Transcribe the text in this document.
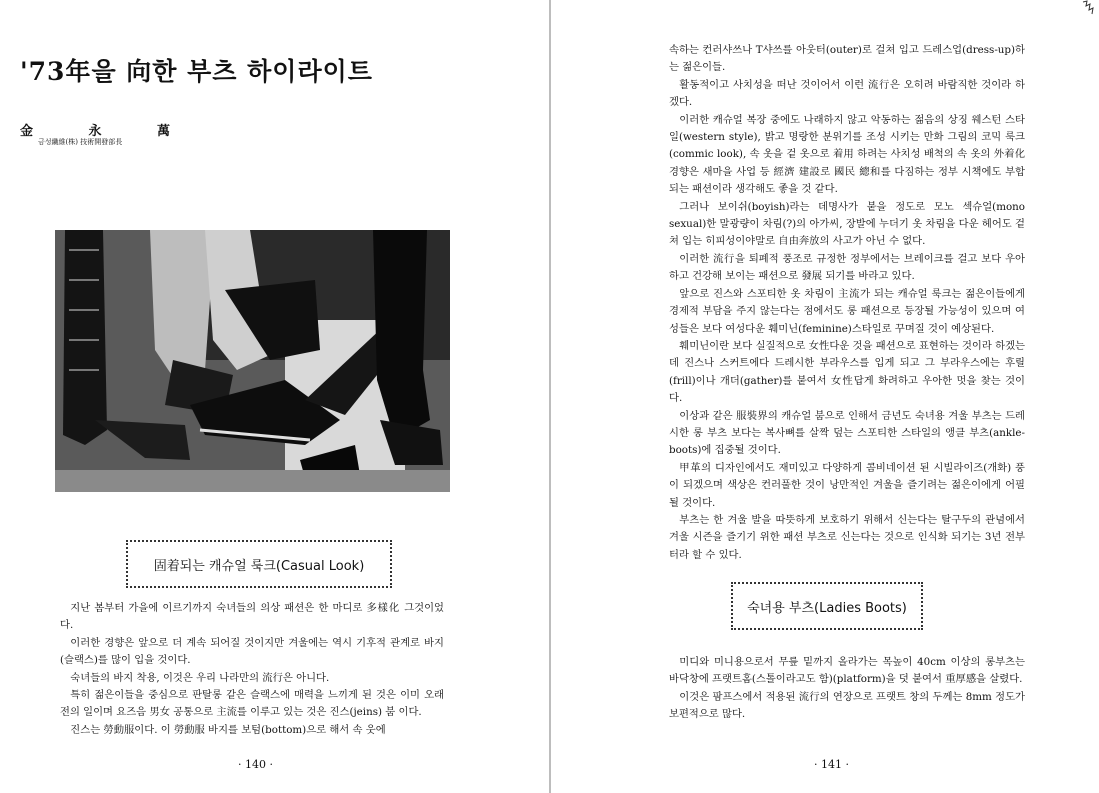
'73年을 向한 부츠 하이라이트
金	永	萬
금성纖維(株) 技術開發部長
固着되는 캐슈얼 룩크(Casual Look)

지난 봄부터 가을에 이르기까지 숙녀들의 의상 패션은 한 마디로 多樣化 그것이었다.

이러한 경향은 앞으로 더 계속 되어질 것이지만 겨울에는 역시 기후적 관계로 바지(슬랙스)를 많이 입을 것이다.

숙녀들의 바지 착용, 이것은 우리 나라만의 流行은 아니다.

특히 젊은이들을 중심으로 판탈롱 같은 슬랙스에 매력을 느끼게 된 것은 이미 오래 전의 일이며 요즈음 男女 공통으로 主流를 이루고 있는 것은 진스(jeins) 붐 이다.

진스는 勞動服이다. 이 勞動服 바지를 보텀(bottom)으로 해서 속 웃에

· 140 ·

속하는 컨러샤쓰나 T샤쓰를 아웃터(outer)로 걸쳐 입고 드레스업(dress-up)하는 젊은이들.

활동적이고 사치성을 떠난 것이어서 이런 流行은 오히려 바람직한 것이라 하겠다.

이러한 캐슈얼 복장 중에도 나래하지 않고 악동하는 젊음의 상징 웨스턴 스타일(western style), 밝고 명랑한 분위기를 조성 시키는 만화 그림의 코믹 룩크(commic look), 속 옷을 겉 옷으로 着用 하려는 사치성 배척의 속 옷의 外着化 경향은 새마을 사업 등 經濟 建設로 國民 總和를 다짐하는 정부 시책에도 부합되는 패션이라 생각해도 좋을 것 같다.

그러나 보이쉬(boyish)라는 데명사가 붙을 정도로 모노 섹슈얼(mono sexual)한 말광량이 차림(?)의 아가씨, 장발에 누더기 옷 차림을 다운 헤어도 겉쳐 입는 히피성이야말로 自由奔放의 사고가 아닌 수 없다.

이러한 流行을 퇴폐적 풍조로 규정한 정부에서는 브레이크를 걸고 보다 우아하고 건강해 보이는 패션으로 發展 되기를 바라고 있다.

앞으로 진스와 스포티한 옷 차림이 主流가 되는 캐슈얼 룩크는 젊은이들에게 경제적 부담을 주지 않는다는 점에서도 롱 패션으로 등장될 가능성이 있으며 여성들은 보다 여성다운 훼미닌(feminine)스타일로 꾸며질 것이 예상된다.

훼미닌이란 보다 실질적으로 女性다운 것을 패션으로 표현하는 것이라 하겠는데 진스나 스커트에다 드레시한 부라우스를 입게 되고 그 부라우스에는 후릴(frill)이나 개더(gather)를 붙여서 女性답게 화려하고 우아한 멋을 찾는 것이다.

이상과 같은 服裝界의 캐슈얼 붐으로 인해서 금년도 숙녀용 겨울 부츠는 드레시한 롱 부츠 보다는 복사뼈를 살짝 덮는 스포티한 스타일의 앵클 부츠(ankle-boots)에 집중될 것이다.

甲革의 디자인에서도 재미있고 다양하게 콤비네이션 된 시빌라이즈(개화) 풍이 되겠으며 색상은 컨러풀한 것이 낭만적인 겨울을 즐기려는 젊은이에게 어필될 것이다.

부츠는 한 겨울 발을 따뜻하게 보호하기 위해서 신는다는 탈구두의 관념에서 겨울 시즌을 즐기기 위한 패션 부츠로 신는다는 것으로 인식화 되기는 3년 전부터라 할 수 있다.

숙녀용 부츠(Ladies Boots)

미디와 미니용으로서 무릎 밑까지 올라가는 목높이 40cm 이상의 롱부츠는 바닥창에 프랫트홈(스톨이라고도 함)(platform)을 덧 붙여서 重厚感을 살렸다.

이것은 팜프스에서 적용된 流行의 연장으로 프랫트 창의 두께는 8mm 정도가 보편적으로 많다.

· 141 ·
